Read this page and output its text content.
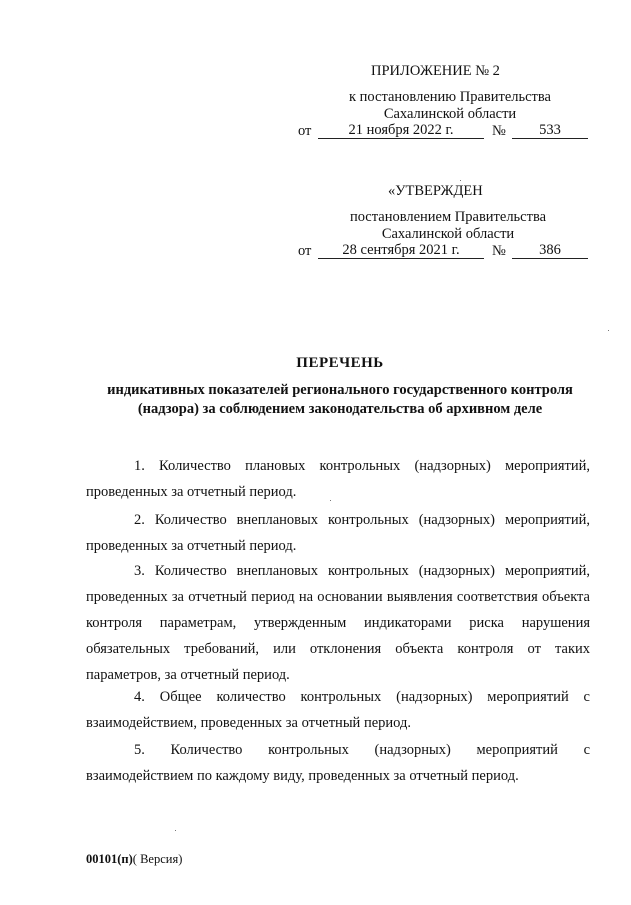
ПРИЛОЖЕНИЕ № 2
к постановлению Правительства
Сахалинской области
от	21 ноября 2022 г.	№	533
«УТВЕРЖДЕН
постановлением Правительства
Сахалинской области
от	28 сентября 2021 г.	№	386
ПЕРЕЧЕНЬ
индикативных показателей регионального государственного контроля
(надзора) за соблюдением законодательства об архивном деле
1. Количество плановых контрольных (надзорных) мероприятий, проведенных за отчетный период.
2. Количество внеплановых контрольных (надзорных) мероприятий, проведенных за отчетный период.
3. Количество внеплановых контрольных (надзорных) мероприятий, проведенных за отчетный период на основании выявления соответствия объекта контроля параметрам, утвержденным индикаторами риска нарушения обязательных требований, или отклонения объекта контроля от таких параметров, за отчетный период.
4. Общее количество контрольных (надзорных) мероприятий с взаимодействием, проведенных за отчетный период.
5. Количество контрольных (надзорных) мероприятий с взаимодействием по каждому виду, проведенных за отчетный период.
00101(п)( Версия)
